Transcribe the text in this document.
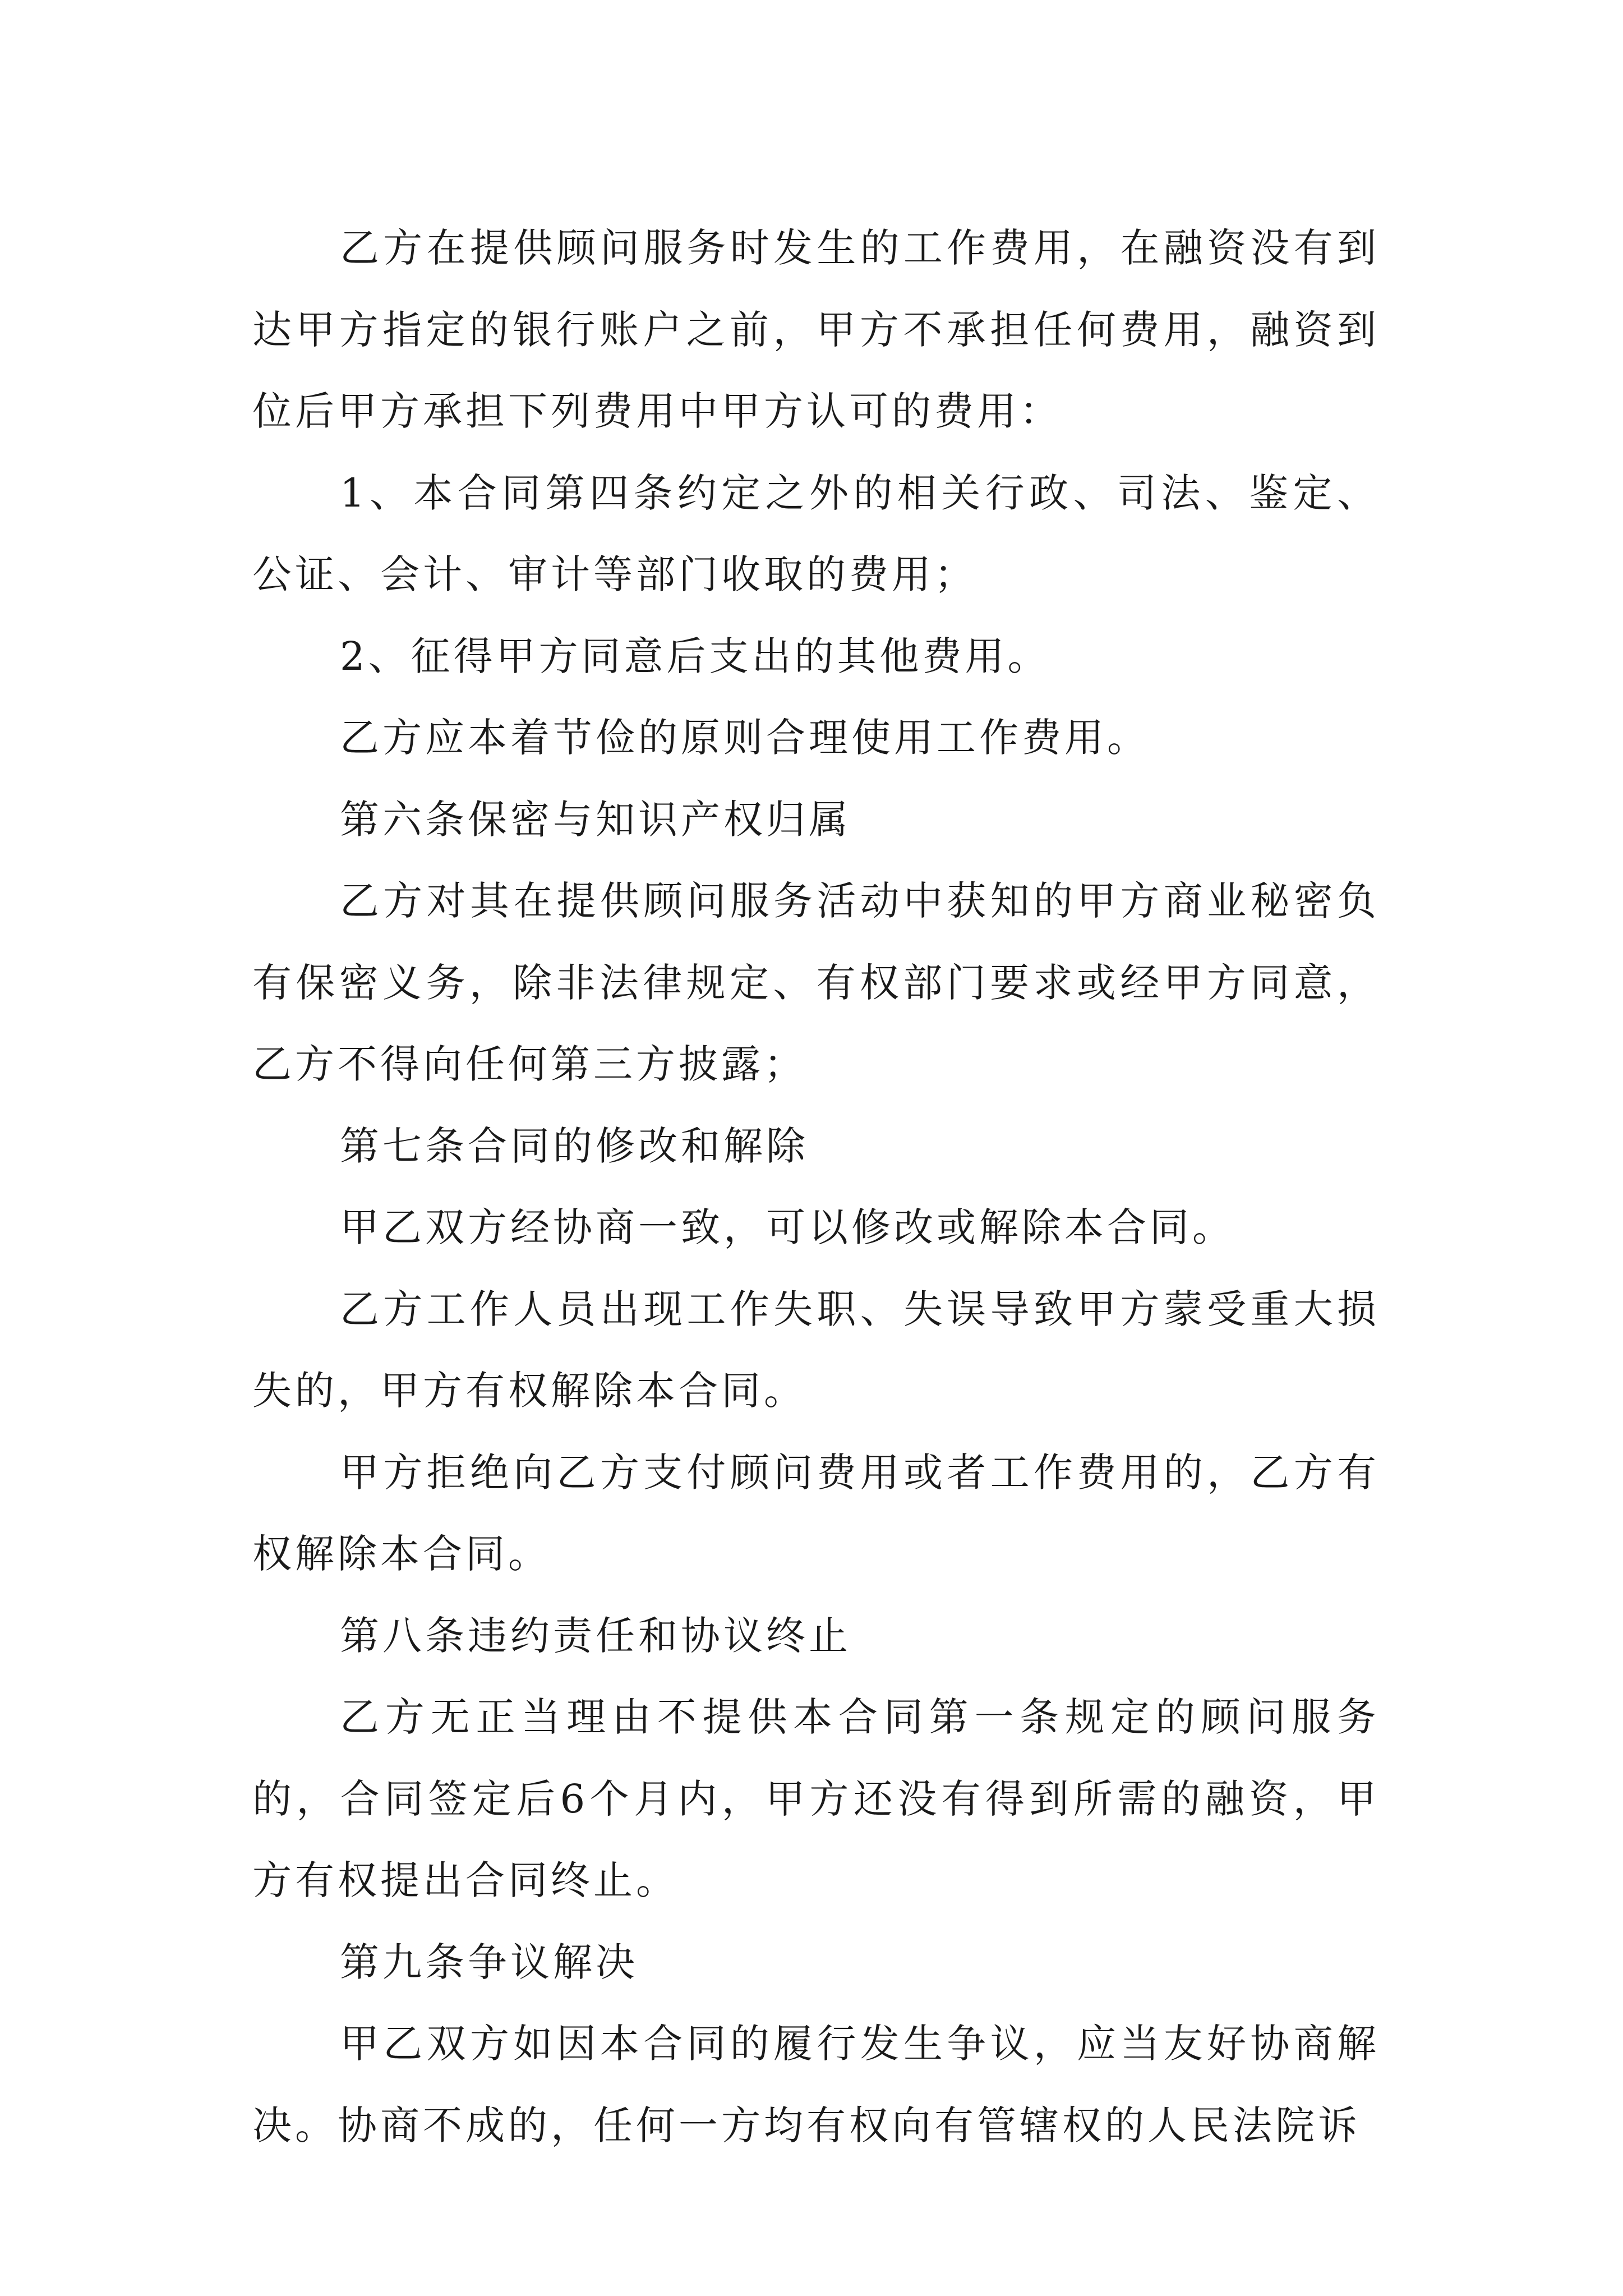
乙方在提供顾问服务时发生的工作费用，在融资没有到达甲方指定的银行账户之前，甲方不承担任何费用，融资到位后甲方承担下列费用中甲方认可的费用：

1、本合同第四条约定之外的相关行政、司法、鉴定、公证、会计、审计等部门收取的费用；

2、征得甲方同意后支出的其他费用。

乙方应本着节俭的原则合理使用工作费用。

第六条保密与知识产权归属

乙方对其在提供顾问服务活动中获知的甲方商业秘密负有保密义务，除非法律规定、有权部门要求或经甲方同意，乙方不得向任何第三方披露；

第七条合同的修改和解除

甲乙双方经协商一致，可以修改或解除本合同。

乙方工作人员出现工作失职、失误导致甲方蒙受重大损失的，甲方有权解除本合同。

甲方拒绝向乙方支付顾问费用或者工作费用的，乙方有权解除本合同。

第八条违约责任和协议终止

乙方无正当理由不提供本合同第一条规定的顾问服务的，合同签定后6个月内，甲方还没有得到所需的融资，甲方有权提出合同终止。

第九条争议解决

甲乙双方如因本合同的履行发生争议，应当友好协商解决。协商不成的，任何一方均有权向有管辖权的人民法院诉
